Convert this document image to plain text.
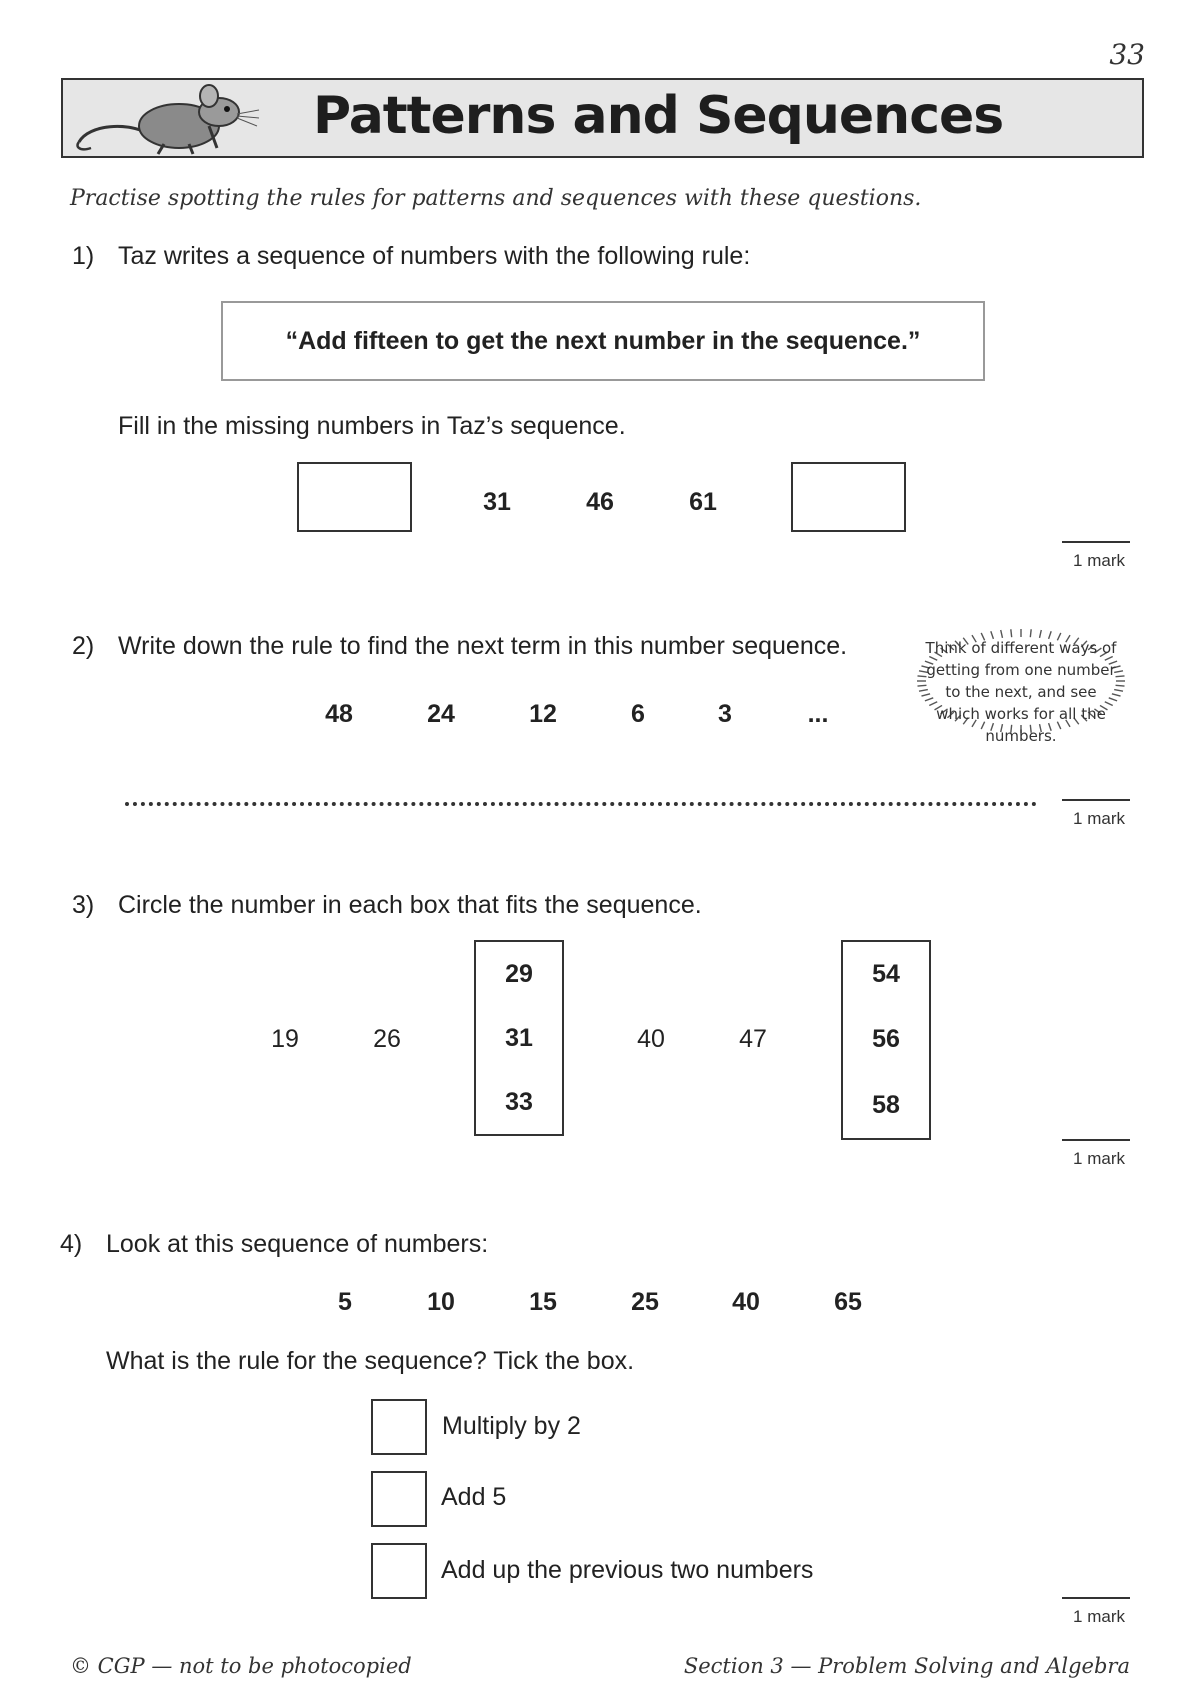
33
Patterns and Sequences
Practise spotting the rules for patterns and sequences with these questions.
1) Taz writes a sequence of numbers with the following rule:
“Add fifteen to get the next number in the sequence.”
Fill in the missing numbers in Taz’s sequence.
31	46	61
1 mark
2) Write down the rule to find the next term in this number sequence.
48	24	12	6	3	...
Think of different ways of getting from one number to the next, and see which works for all the numbers.
1 mark
3) Circle the number in each box that fits the sequence.
19	26
29
31
33
40	47
54
56
58
1 mark
4) Look at this sequence of numbers:
5	10	15	25	40	65
What is the rule for the sequence? Tick the box.
Multiply by 2
Add 5
Add up the previous two numbers
1 mark
© CGP — not to be photocopied	Section 3 — Problem Solving and Algebra
